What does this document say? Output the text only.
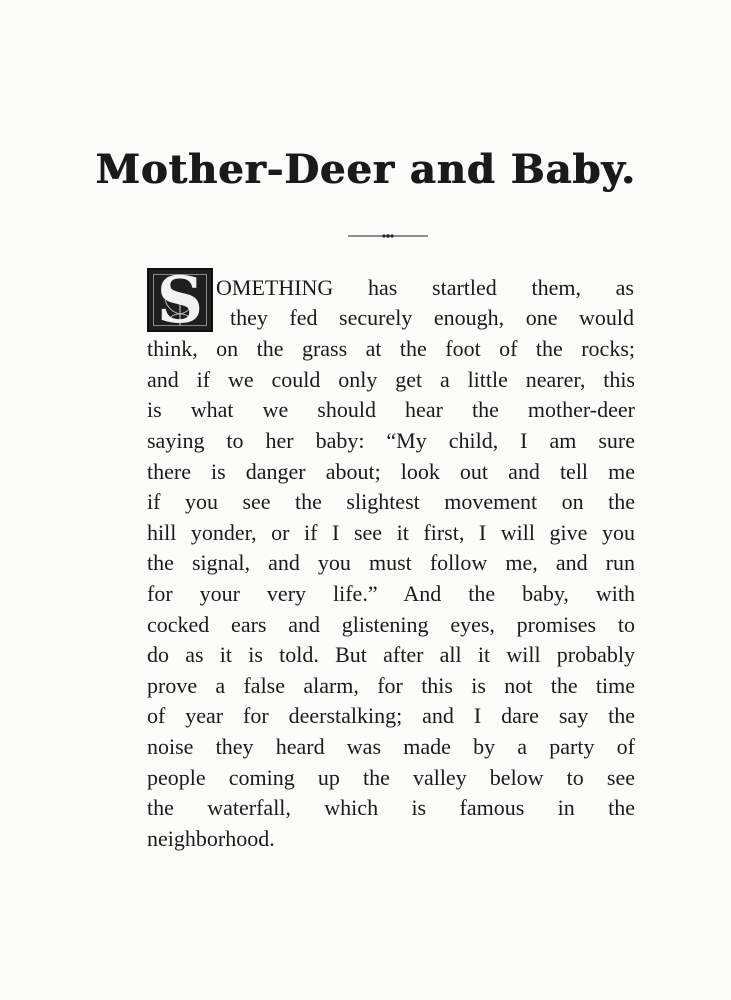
Mother-Deer and Baby.
S OMETHING has startled them, as
they fed securely enough, one would
think, on the grass at the foot of the rocks;
and if we could only get a little nearer, this
is what we should hear the mother-deer
saying to her baby: “My child, I am sure
there is danger about; look out and tell me
if you see the slightest movement on the
hill yonder, or if I see it first, I will give you
the signal, and you must follow me, and run
for your very life.” And the baby, with
cocked ears and glistening eyes, promises to
do as it is told. But after all it will probably
prove a false alarm, for this is not the time
of year for deerstalking; and I dare say the
noise they heard was made by a party of
people coming up the valley below to see
the waterfall, which is famous in the
neighborhood.
